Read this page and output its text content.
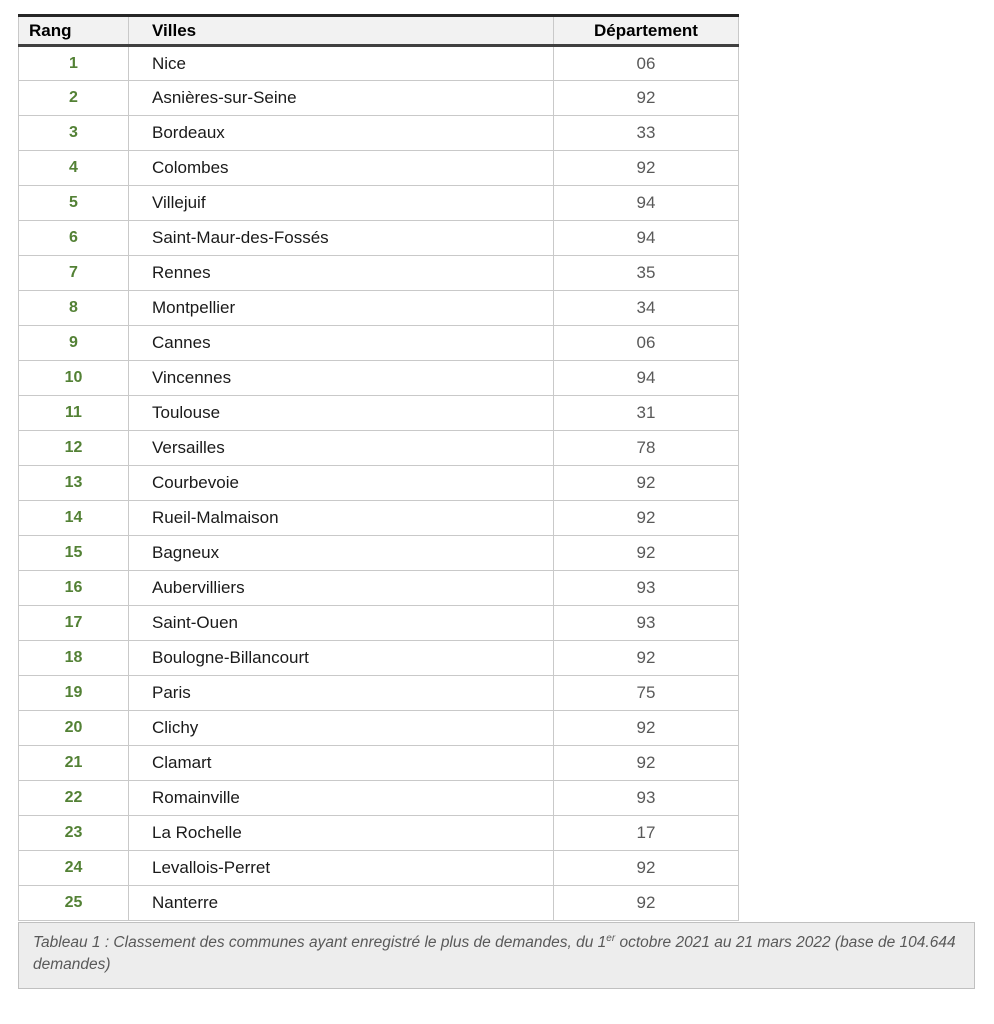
Rang	Villes	Département
1	Nice	06
2	Asnières-sur-Seine	92
3	Bordeaux	33
4	Colombes	92
5	Villejuif	94
6	Saint-Maur-des-Fossés	94
7	Rennes	35
8	Montpellier	34
9	Cannes	06
10	Vincennes	94
11	Toulouse	31
12	Versailles	78
13	Courbevoie	92
14	Rueil-Malmaison	92
15	Bagneux	92
16	Aubervilliers	93
17	Saint-Ouen	93
18	Boulogne-Billancourt	92
19	Paris	75
20	Clichy	92
21	Clamart	92
22	Romainville	93
23	La Rochelle	17
24	Levallois-Perret	92
25	Nanterre	92
Tableau 1 : Classement des communes ayant enregistré le plus de demandes, du 1er octobre 2021 au 21 mars 2022 (base de 104.644 demandes)
